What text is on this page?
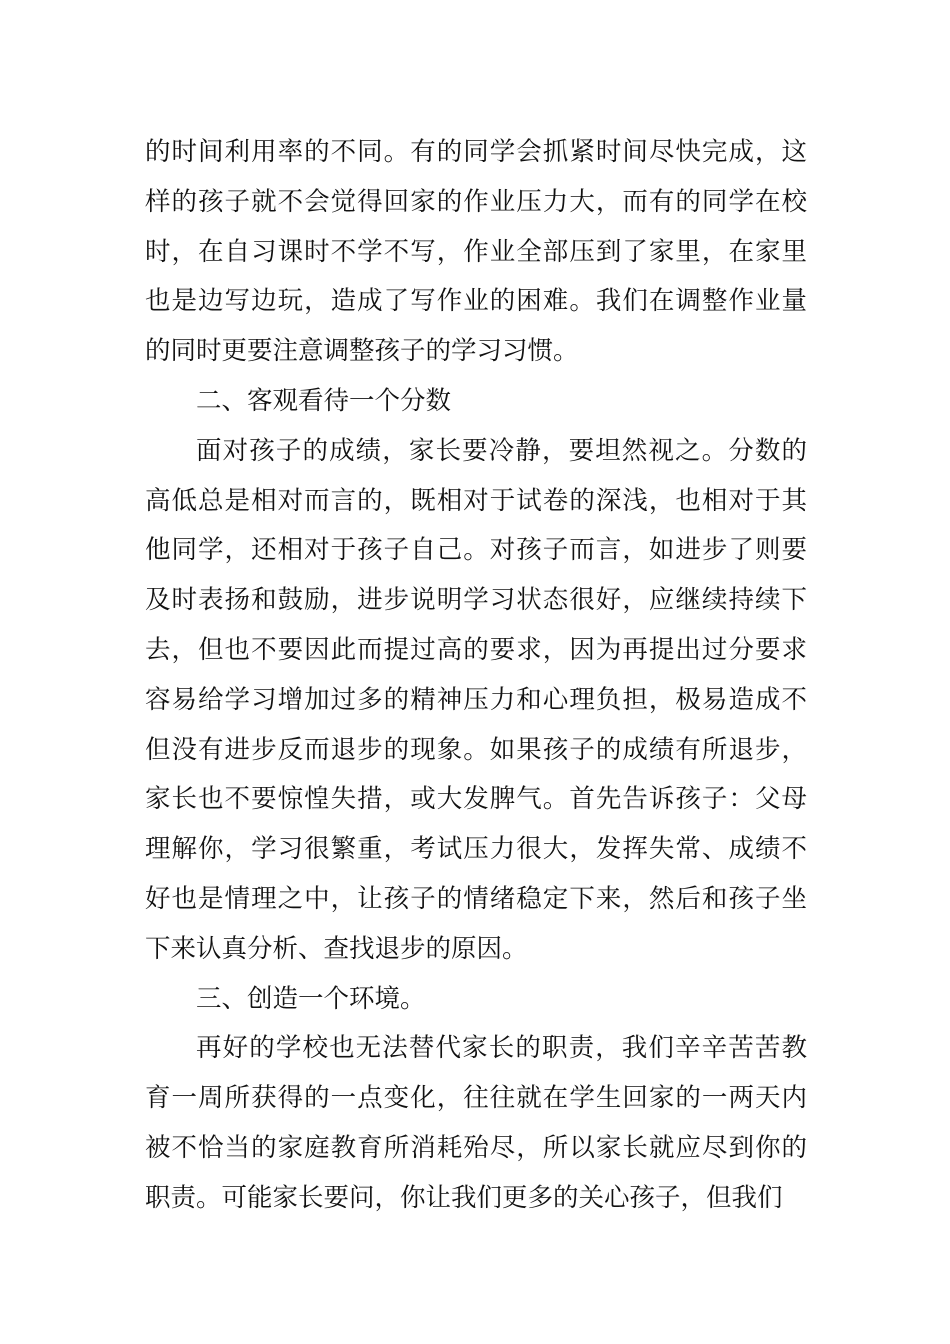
的时间利用率的不同。有的同学会抓紧时间尽快完成，这样的孩子就不会觉得回家的作业压力大，而有的同学在校时，在自习课时不学不写，作业全部压到了家里，在家里也是边写边玩，造成了写作业的困难。我们在调整作业量的同时更要注意调整孩子的学习习惯。

二、客观看待一个分数

面对孩子的成绩，家长要冷静，要坦然视之。分数的高低总是相对而言的，既相对于试卷的深浅，也相对于其他同学，还相对于孩子自己。对孩子而言，如进步了则要及时表扬和鼓励，进步说明学习状态很好，应继续持续下去，但也不要因此而提过高的要求，因为再提出过分要求容易给学习增加过多的精神压力和心理负担，极易造成不但没有进步反而退步的现象。如果孩子的成绩有所退步，家长也不要惊惶失措，或大发脾气。首先告诉孩子：父母理解你，学习很繁重，考试压力很大，发挥失常、成绩不好也是情理之中，让孩子的情绪稳定下来，然后和孩子坐下来认真分析、查找退步的原因。

三、创造一个环境。

再好的学校也无法替代家长的职责，我们辛辛苦苦教育一周所获得的一点变化，往往就在学生回家的一两天内被不恰当的家庭教育所消耗殆尽，所以家长就应尽到你的职责。可能家长要问，你让我们更多的关心孩子，但我们
